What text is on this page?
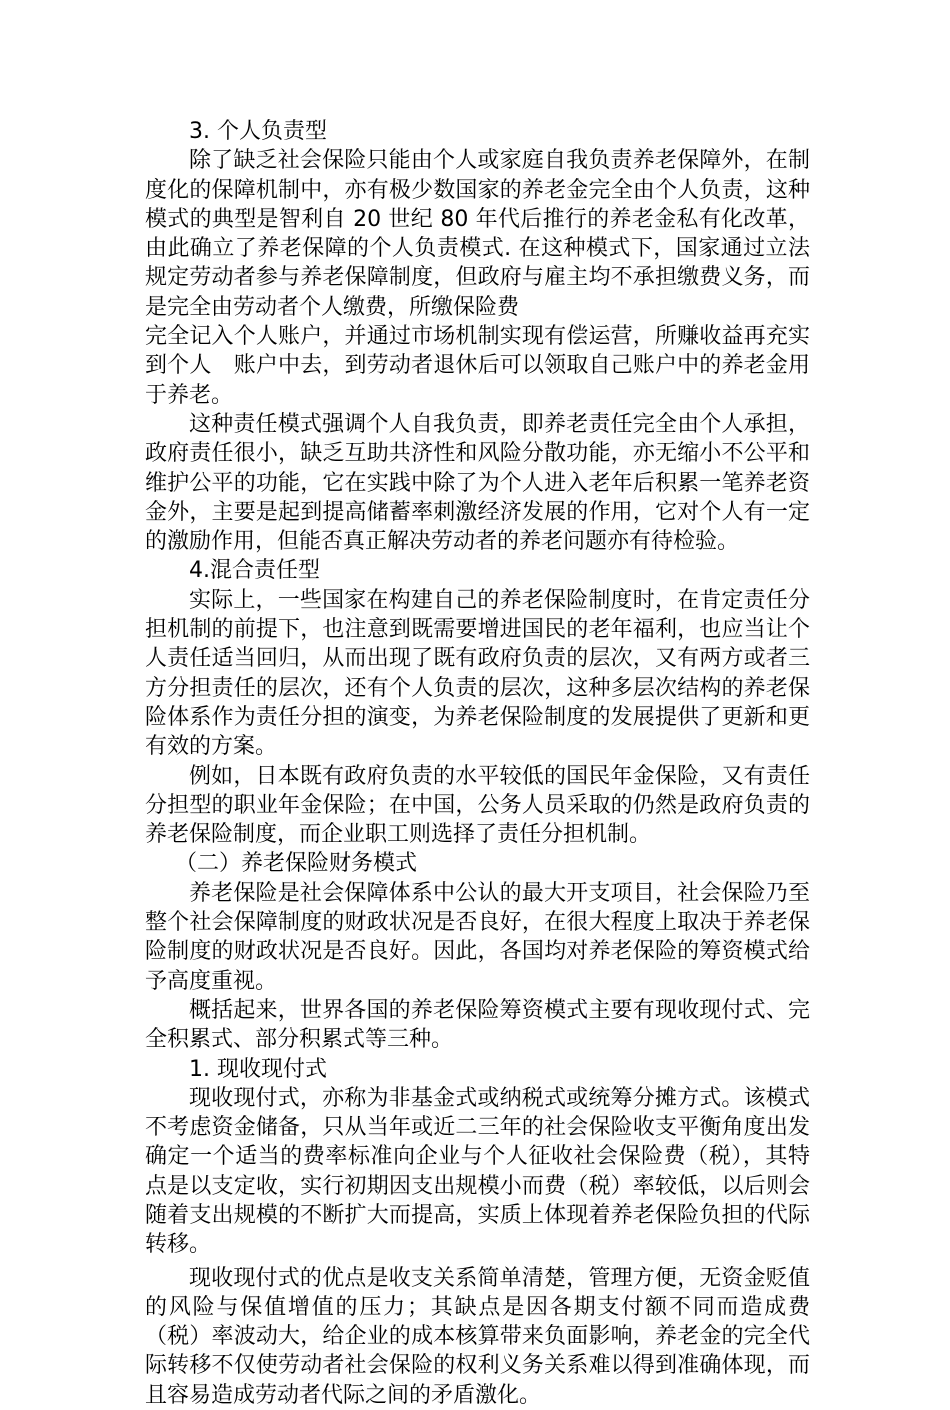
3. 个人负责型

除了缺乏社会保险只能由个人或家庭自我负责养老保障外，在制度化的保障机制中，亦有极少数国家的养老金完全由个人负责，这种模式的典型是智利自 20 世纪 80 年代后推行的养老金私有化改革，由此确立了养老保障的个人负责模式. 在这种模式下，国家通过立法规定劳动者参与养老保障制度，但政府与雇主均不承担缴费义务，而是完全由劳动者个人缴费，所缴保险费

完全记入个人账户，并通过市场机制实现有偿运营，所赚收益再充实到个人　账户中去，到劳动者退休后可以领取自己账户中的养老金用于养老。

这种责任模式强调个人自我负责，即养老责任完全由个人承担，政府责任很小，缺乏互助共济性和风险分散功能，亦无缩小不公平和维护公平的功能，它在实践中除了为个人进入老年后积累一笔养老资金外，主要是起到提高储蓄率刺激经济发展的作用，它对个人有一定的激励作用，但能否真正解决劳动者的养老问题亦有待检验。

4.混合责任型

实际上，一些国家在构建自己的养老保险制度时，在肯定责任分担机制的前提下，也注意到既需要增进国民的老年福利，也应当让个人责任适当回归，从而出现了既有政府负责的层次，又有两方或者三方分担责任的层次，还有个人负责的层次，这种多层次结构的养老保险体系作为责任分担的演变，为养老保险制度的发展提供了更新和更有效的方案。

例如，日本既有政府负责的水平较低的国民年金保险，又有责任分担型的职业年金保险；在中国，公务人员采取的仍然是政府负责的养老保险制度，而企业职工则选择了责任分担机制。

（二）养老保险财务模式

养老保险是社会保障体系中公认的最大开支项目，社会保险乃至整个社会保障制度的财政状况是否良好，在很大程度上取决于养老保险制度的财政状况是否良好。因此，各国均对养老保险的筹资模式给予高度重视。

概括起来，世界各国的养老保险筹资模式主要有现收现付式、完全积累式、部分积累式等三种。

1. 现收现付式

现收现付式，亦称为非基金式或纳税式或统筹分摊方式。该模式不考虑资金储备，只从当年或近二三年的社会保险收支平衡角度出发确定一个适当的费率标准向企业与个人征收社会保险费（税），其特点是以支定收，实行初期因支出规模小而费（税）率较低，以后则会随着支出规模的不断扩大而提高，实质上体现着养老保险负担的代际转移。

现收现付式的优点是收支关系简单清楚，管理方便，无资金贬值的风险与保值增值的压力；其缺点是因各期支付额不同而造成费（税）率波动大，给企业的成本核算带来负面影响，养老金的完全代际转移不仅使劳动者社会保险的权利义务关系难以得到准确体现，而且容易造成劳动者代际之间的矛盾激化。
